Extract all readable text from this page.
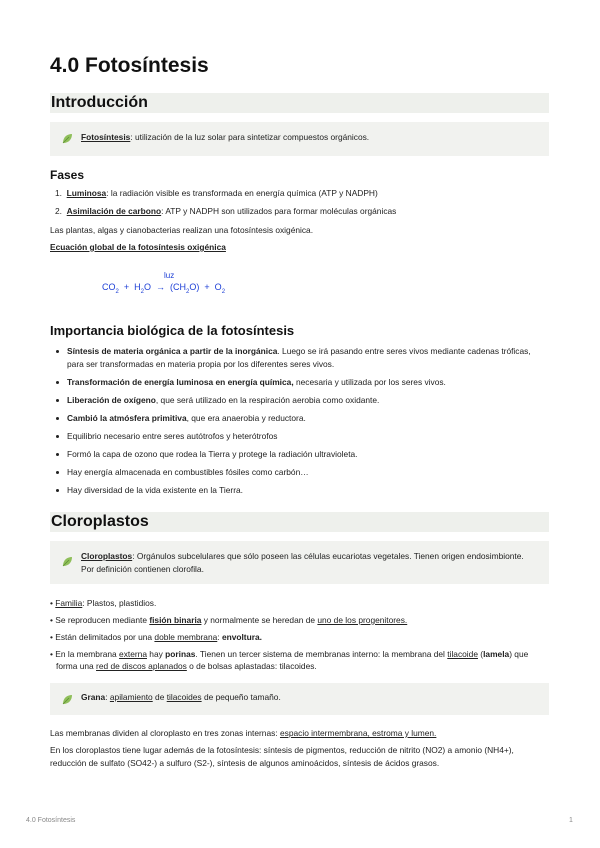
4.0 Fotosíntesis
Introducción
Fotosíntesis: utilización de la luz solar para sintetizar compuestos orgánicos.
Fases
1. Luminosa: la radiación visible es transformada en energía química (ATP y NADPH)
2. Asimilación de carbono: ATP y NADPH son utilizados para formar moléculas orgánicas
Las plantas, algas y cianobacterias realizan una fotosíntesis oxigénica.
Ecuación global de la fotosíntesis oxigénica
luz
$CO_2 + H_2O \to (CH_2O) + O_2$
Importancia biológica de la fotosíntesis
Síntesis de materia orgánica a partir de la inorgánica. Luego se irá pasando entre seres vivos mediante cadenas tróficas,
para ser transformadas en materia propia por los diferentes seres vivos.
Transformación de energía luminosa en energía química, necesaria y utilizada por los seres vivos.
Liberación de oxígeno, que será utilizado en la respiración aerobia como oxidante.
Cambió la atmósfera primitiva, que era anaerobia y reductora.
Equilibrio necesario entre seres autótrofos y heterótrofos
Formó la capa de ozono que rodea la Tierra y protege la radiación ultravioleta.
Hay energía almacenada en combustibles fósiles como carbón…
Hay diversidad de la vida existente en la Tierra.
Cloroplastos
Cloroplastos: Orgánulos subcelulares que sólo poseen las células eucariotas vegetales. Tienen origen endosimbionte.
Por definición contienen clorofila.
• Familia: Plastos, plastidios.
• Se reproducen mediante fisión binaria y normalmente se heredan de uno de los progenitores.
• Están delimitados por una doble membrana: envoltura.
• En la membrana externa hay porinas. Tienen un tercer sistema de membranas interno: la membrana del tilacoide (lamela) que
forma una red de discos aplanados o de bolsas aplastadas: tilacoides.
Grana: apilamiento de tilacoides de pequeño tamaño.
Las membranas dividen al cloroplasto en tres zonas internas: espacio intermembrana, estroma y lumen.
En los cloroplastos tiene lugar además de la fotosíntesis: síntesis de pigmentos, reducción de nitrito (NO2) a amonio (NH4+),
reducción de sulfato (SO42-) a sulfuro (S2-), síntesis de algunos aminoácidos, síntesis de ácidos grasos.
4.0 Fotosíntesis	1
